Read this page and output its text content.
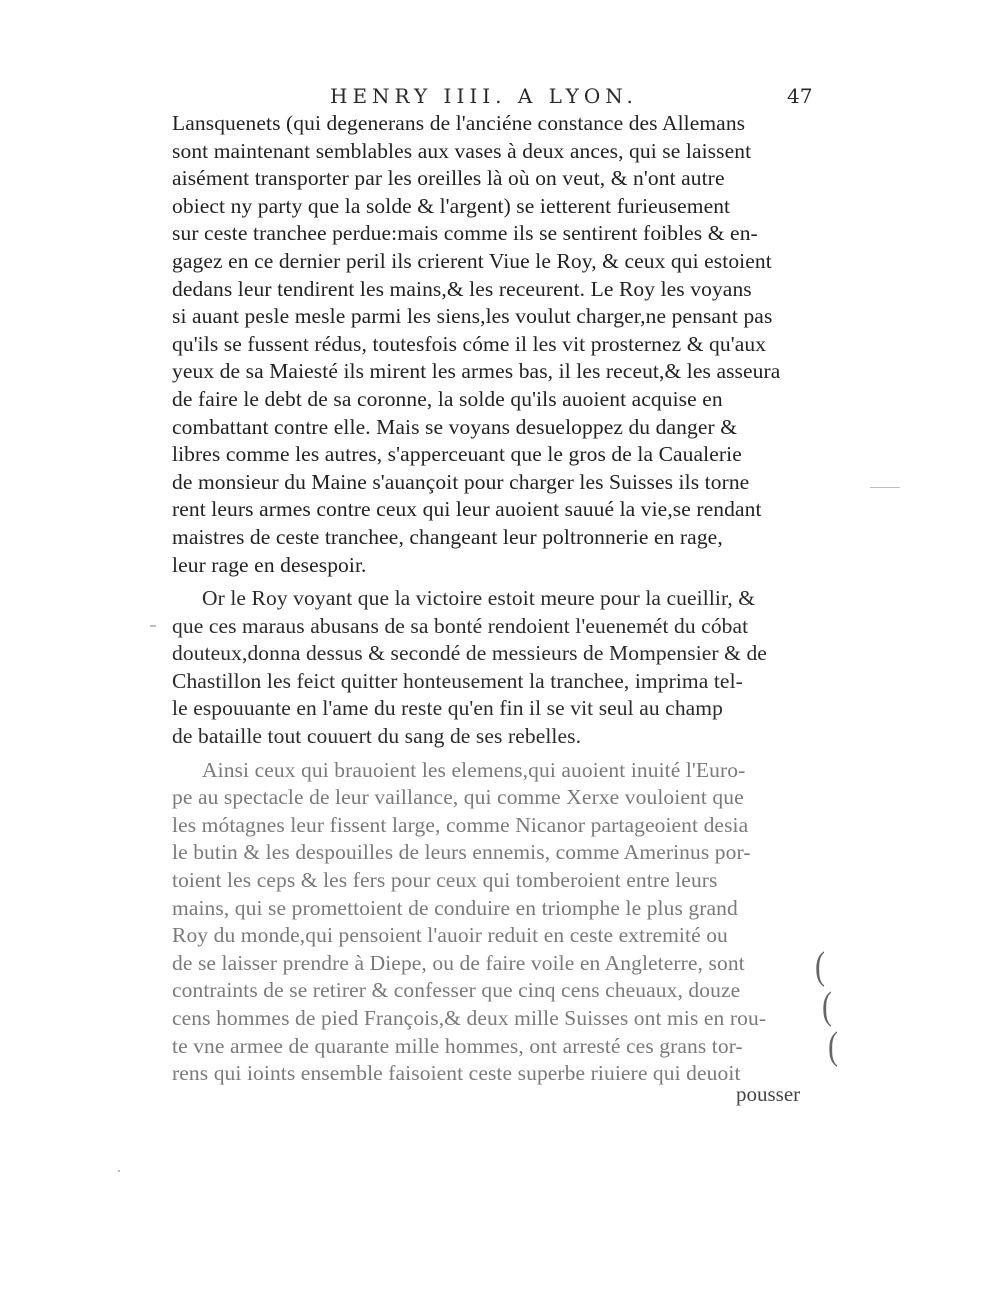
HENRY IIII. A LYON.	47
Lansquenets (qui degenerans de l'anciéne constance des Allemans
sont maintenant semblables aux vases à deux ances, qui se laissent
aisément transporter par les oreilles là où on veut, & n'ont autre
obiect ny party que la solde & l'argent) se ietterent furieusement
sur ceste tranchee perdue:mais comme ils se sentirent foibles & en-
gagez en ce dernier peril ils crierent Viue le Roy, & ceux qui estoient
dedans leur tendirent les mains,& les receurent. Le Roy les voyans
si auant pesle mesle parmi les siens,les voulut charger,ne pensant pas
qu'ils se fussent rédus, toutesfois cóme il les vit prosternez & qu'aux
yeux de sa Maiesté ils mirent les armes bas, il les receut,& les asseura
de faire le debt de sa coronne, la solde qu'ils auoient acquise en
combattant contre elle. Mais se voyans desueloppez du danger &
libres comme les autres, s'apperceuant que le gros de la Caualerie
de monsieur du Maine s'auançoit pour charger les Suisses ils torne
rent leurs armes contre ceux qui leur auoient sauué la vie,se rendant
maistres de ceste tranchee, changeant leur poltronnerie en rage,
leur rage en desespoir.
Or le Roy voyant que la victoire estoit meure pour la cueillir, &
que ces maraus abusans de sa bonté rendoient l'euenemét du cóbat
douteux,donna dessus & secondé de messieurs de Mompensier & de
Chastillon les feict quitter honteusement la tranchee, imprima tel-
le espouuante en l'ame du reste qu'en fin il se vit seul au champ
de bataille tout couuert du sang de ses rebelles.
Ainsi ceux qui brauoient les elemens,qui auoient inuité l'Euro-
pe au spectacle de leur vaillance, qui comme Xerxe vouloient que
les mótagnes leur fissent large, comme Nicanor partageoient desia
le butin & les despouilles de leurs ennemis, comme Amerinus por-
toient les ceps & les fers pour ceux qui tomberoient entre leurs
mains, qui se promettoient de conduire en triomphe le plus grand
Roy du monde,qui pensoient l'auoir reduit en ceste extremité ou
de se laisser prendre à Diepe, ou de faire voile en Angleterre, sont
contraints de se retirer & confesser que cinq cens cheuaux, douze
cens hommes de pied François,& deux mille Suisses ont mis en rou-
te vne armee de quarante mille hommes, ont arresté ces grans tor-
rens qui ioints ensemble faisoient ceste superbe riuiere qui deuoit
pousser
(
(
(
